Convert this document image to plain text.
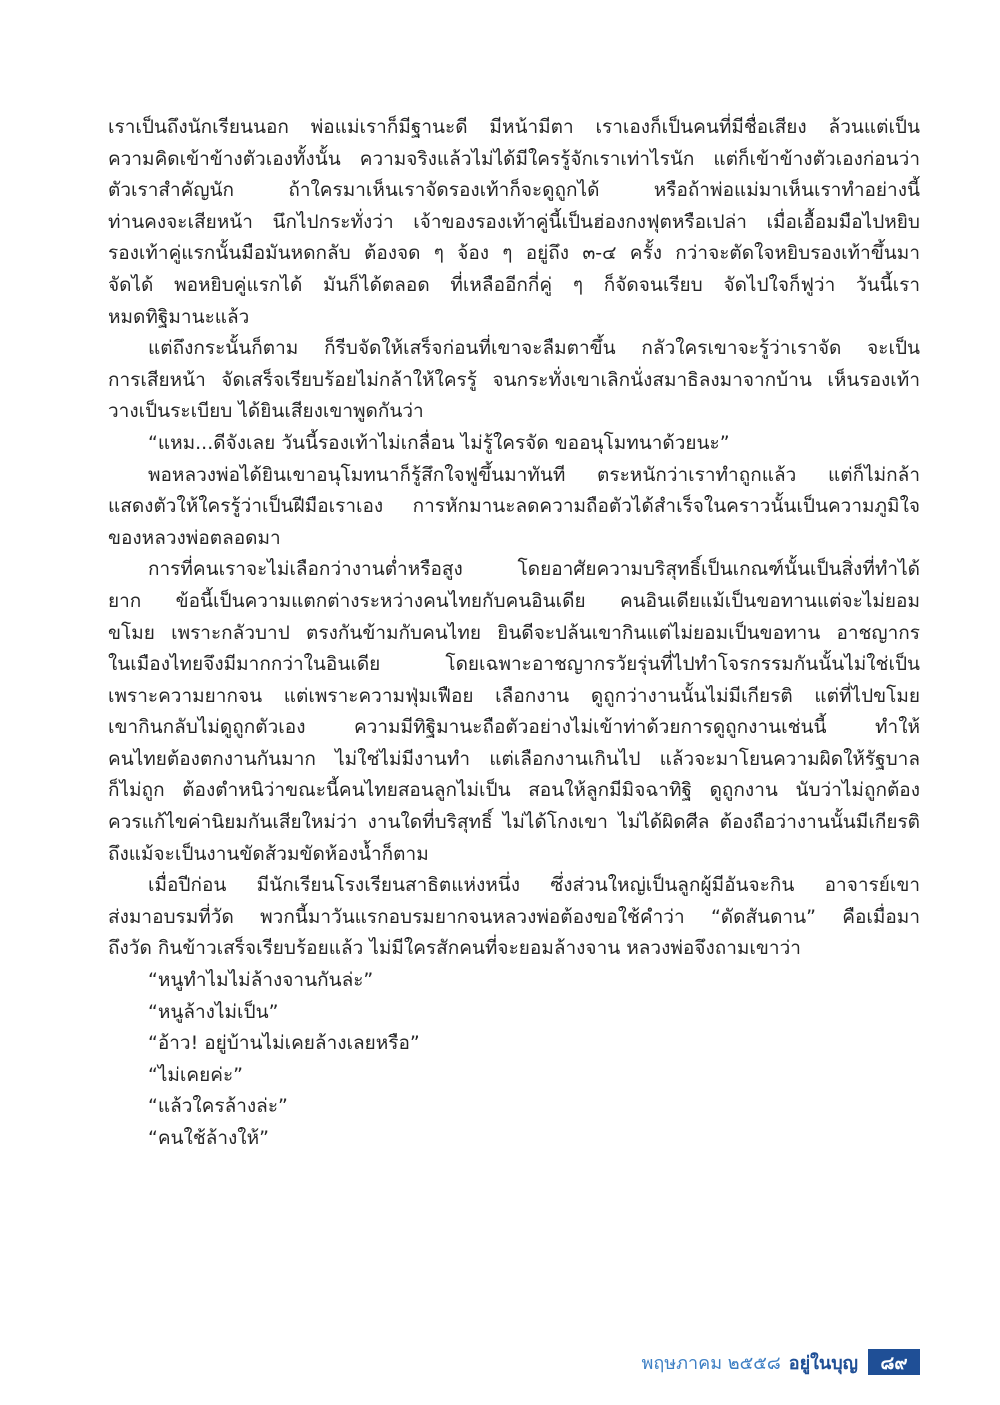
เราเป็นถึงนักเรียนนอก พ่อแม่เราก็มีฐานะดี มีหน้ามีตา เราเองก็เป็นคนที่มีชื่อเสียง ล้วนแต่เป็น
ความคิดเข้าข้างตัวเองทั้งนั้น ความจริงแล้วไม่ได้มีใครรู้จักเราเท่าไรนัก แต่ก็เข้าข้างตัวเองก่อนว่า
ตัวเราสำคัญนัก ถ้าใครมาเห็นเราจัดรองเท้าก็จะดูถูกได้ หรือถ้าพ่อแม่มาเห็นเราทำอย่างนี้
ท่านคงจะเสียหน้า นึกไปกระทั่งว่า เจ้าของรองเท้าคู่นี้เป็นฮ่องกงฟุตหรือเปล่า เมื่อเอื้อมมือไปหยิบ
รองเท้าคู่แรกนั้นมือมันหดกลับ ต้องจด ๆ จ้อง ๆ อยู่ถึง ๓-๔ ครั้ง กว่าจะตัดใจหยิบรองเท้าขึ้นมา
จัดได้ พอหยิบคู่แรกได้ มันก็ได้ตลอด ที่เหลืออีกกี่คู่ ๆ ก็จัดจนเรียบ จัดไปใจก็ฟูว่า วันนี้เรา
หมดทิฐิมานะแล้ว
แต่ถึงกระนั้นก็ตาม ก็รีบจัดให้เสร็จก่อนที่เขาจะลืมตาขึ้น กลัวใครเขาจะรู้ว่าเราจัด จะเป็น
การเสียหน้า จัดเสร็จเรียบร้อยไม่กล้าให้ใครรู้ จนกระทั่งเขาเลิกนั่งสมาธิลงมาจากบ้าน เห็นรองเท้า
วางเป็นระเบียบ ได้ยินเสียงเขาพูดกันว่า
“แหม...ดีจังเลย วันนี้รองเท้าไม่เกลื่อน ไม่รู้ใครจัด ขออนุโมทนาด้วยนะ”
พอหลวงพ่อได้ยินเขาอนุโมทนาก็รู้สึกใจฟูขึ้นมาทันที ตระหนักว่าเราทำถูกแล้ว แต่ก็ไม่กล้า
แสดงตัวให้ใครรู้ว่าเป็นฝีมือเราเอง การหักมานะลดความถือตัวได้สำเร็จในคราวนั้นเป็นความภูมิใจ
ของหลวงพ่อตลอดมา
การที่คนเราจะไม่เลือกว่างานต่ำหรือสูง โดยอาศัยความบริสุทธิ์เป็นเกณฑ์นั้นเป็นสิ่งที่ทำได้
ยาก ข้อนี้เป็นความแตกต่างระหว่างคนไทยกับคนอินเดีย คนอินเดียแม้เป็นขอทานแต่จะไม่ยอม
ขโมย เพราะกลัวบาป ตรงกันข้ามกับคนไทย ยินดีจะปล้นเขากินแต่ไม่ยอมเป็นขอทาน อาชญากร
ในเมืองไทยจึงมีมากกว่าในอินเดีย โดยเฉพาะอาชญากรวัยรุ่นที่ไปทำโจรกรรมกันนั้นไม่ใช่เป็น
เพราะความยากจน แต่เพราะความฟุ่มเฟือย เลือกงาน ดูถูกว่างานนั้นไม่มีเกียรติ แต่ที่ไปขโมย
เขากินกลับไม่ดูถูกตัวเอง ความมีทิฐิมานะถือตัวอย่างไม่เข้าท่าด้วยการดูถูกงานเช่นนี้ ทำให้
คนไทยต้องตกงานกันมาก ไม่ใช่ไม่มีงานทำ แต่เลือกงานเกินไป แล้วจะมาโยนความผิดให้รัฐบาล
ก็ไม่ถูก ต้องตำหนิว่าขณะนี้คนไทยสอนลูกไม่เป็น สอนให้ลูกมีมิจฉาทิฐิ ดูถูกงาน นับว่าไม่ถูกต้อง
ควรแก้ไขค่านิยมกันเสียใหม่ว่า งานใดที่บริสุทธิ์ ไม่ได้โกงเขา ไม่ได้ผิดศีล ต้องถือว่างานนั้นมีเกียรติ
ถึงแม้จะเป็นงานขัดส้วมขัดห้องน้ำก็ตาม
เมื่อปีก่อน มีนักเรียนโรงเรียนสาธิตแห่งหนึ่ง ซึ่งส่วนใหญ่เป็นลูกผู้มีอันจะกิน อาจารย์เขา
ส่งมาอบรมที่วัด พวกนี้มาวันแรกอบรมยากจนหลวงพ่อต้องขอใช้คำว่า “ดัดสันดาน” คือเมื่อมา
ถึงวัด กินข้าวเสร็จเรียบร้อยแล้ว ไม่มีใครสักคนที่จะยอมล้างจาน หลวงพ่อจึงถามเขาว่า
“หนูทำไมไม่ล้างจานกันล่ะ”
“หนูล้างไม่เป็น”
“อ้าว! อยู่บ้านไม่เคยล้างเลยหรือ”
“ไม่เคยค่ะ”
“แล้วใครล้างล่ะ”
“คนใช้ล้างให้”
พฤษภาคม ๒๕๕๘ อยู่ในบุญ	๘๙
